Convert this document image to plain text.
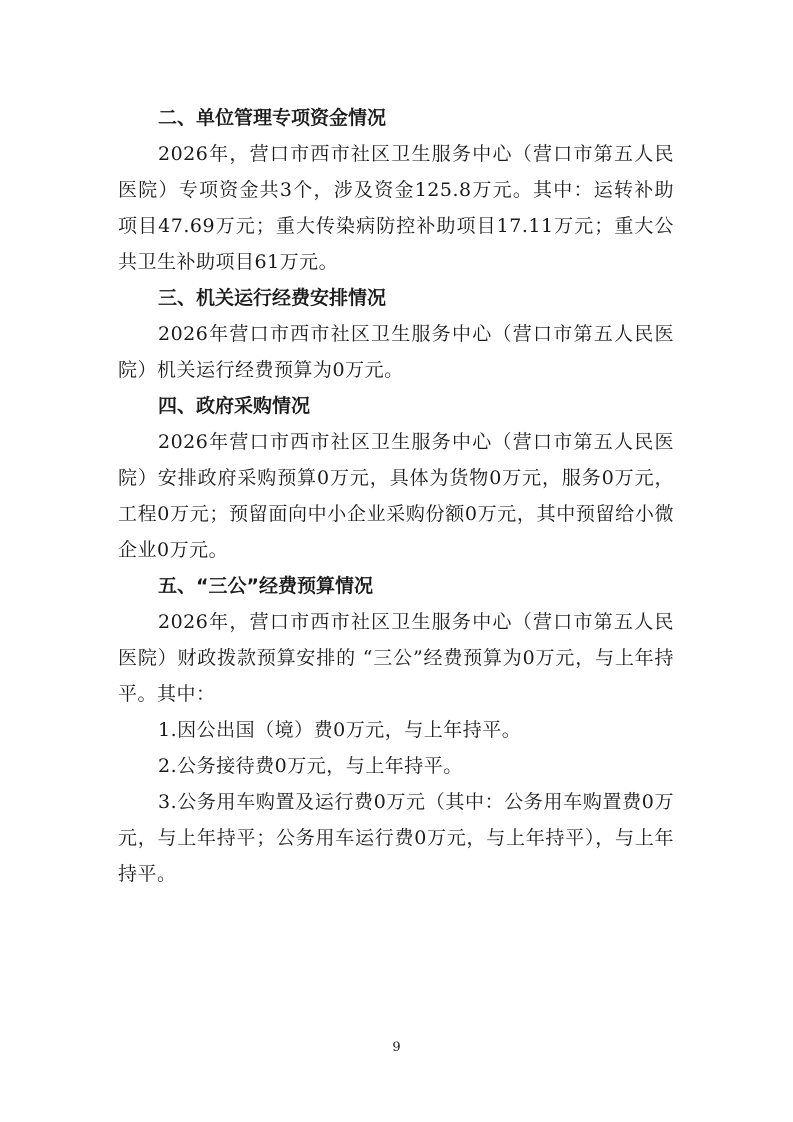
二、单位管理专项资金情况

2026年，营口市西市社区卫生服务中心（营口市第五人民医院）专项资金共3个，涉及资金125.8万元。其中：运转补助项目47.69万元；重大传染病防控补助项目17.11万元；重大公共卫生补助项目61万元。

三、机关运行经费安排情况

2026年营口市西市社区卫生服务中心（营口市第五人民医院）机关运行经费预算为0万元。

四、政府采购情况

2026年营口市西市社区卫生服务中心（营口市第五人民医院）安排政府采购预算0万元，具体为货物0万元，服务0万元，工程0万元；预留面向中小企业采购份额0万元，其中预留给小微企业0万元。

五、“三公”经费预算情况

2026年，营口市西市社区卫生服务中心（营口市第五人民医院）财政拨款预算安排的 “三公”经费预算为0万元，与上年持平。其中：

1.因公出国（境）费0万元，与上年持平。

2.公务接待费0万元，与上年持平。

3.公务用车购置及运行费0万元（其中：公务用车购置费0万元，与上年持平；公务用车运行费0万元，与上年持平），与上年持平。

9
